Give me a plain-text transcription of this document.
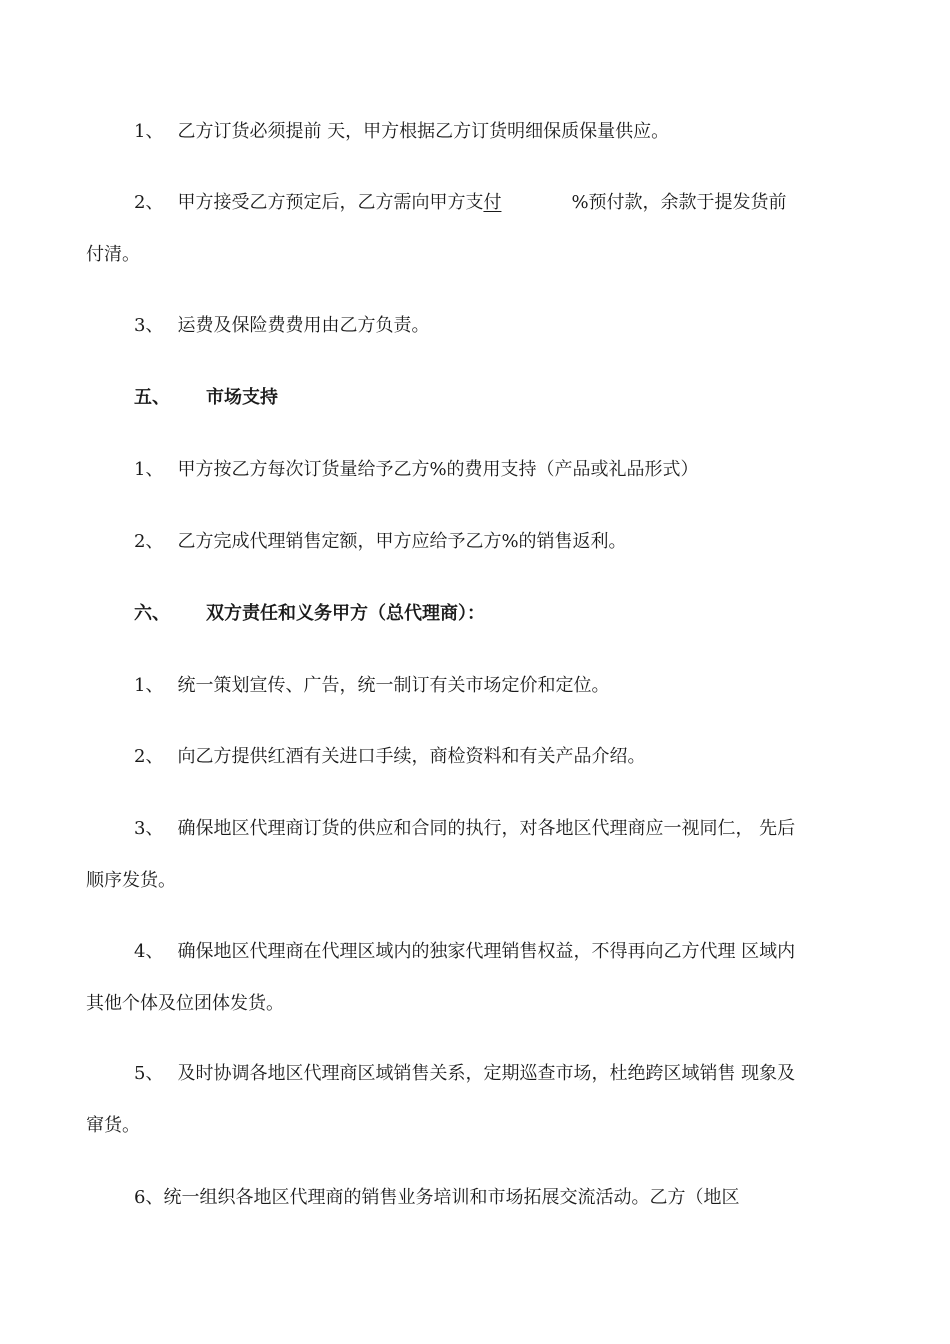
1、 乙方订货必须提前 天，甲方根据乙方订货明细保质保量供应。
2、 甲方接受乙方预定后，乙方需向甲方支付	%预付款，余款于提发货前
付清。
3、 运费及保险费费用由乙方负责。
五、 市场支持
1、 甲方按乙方每次订货量给予乙方%的费用支持（产品或礼品形式）
2、 乙方完成代理销售定额，甲方应给予乙方%的销售返利。
六、 双方责任和义务甲方（总代理商）：
1、 统一策划宣传、广告，统一制订有关市场定价和定位。
2、 向乙方提供红酒有关进口手续，商检资料和有关产品介绍。
3、 确保地区代理商订货的供应和合同的执行，对各地区代理商应一视同仁， 先后
顺序发货。
4、 确保地区代理商在代理区域内的独家代理销售权益，不得再向乙方代理 区域内
其他个体及位团体发货。
5、 及时协调各地区代理商区域销售关系，定期巡查市场，杜绝跨区域销售 现象及
窜货。
6、统一组织各地区代理商的销售业务培训和市场拓展交流活动。乙方（地区
